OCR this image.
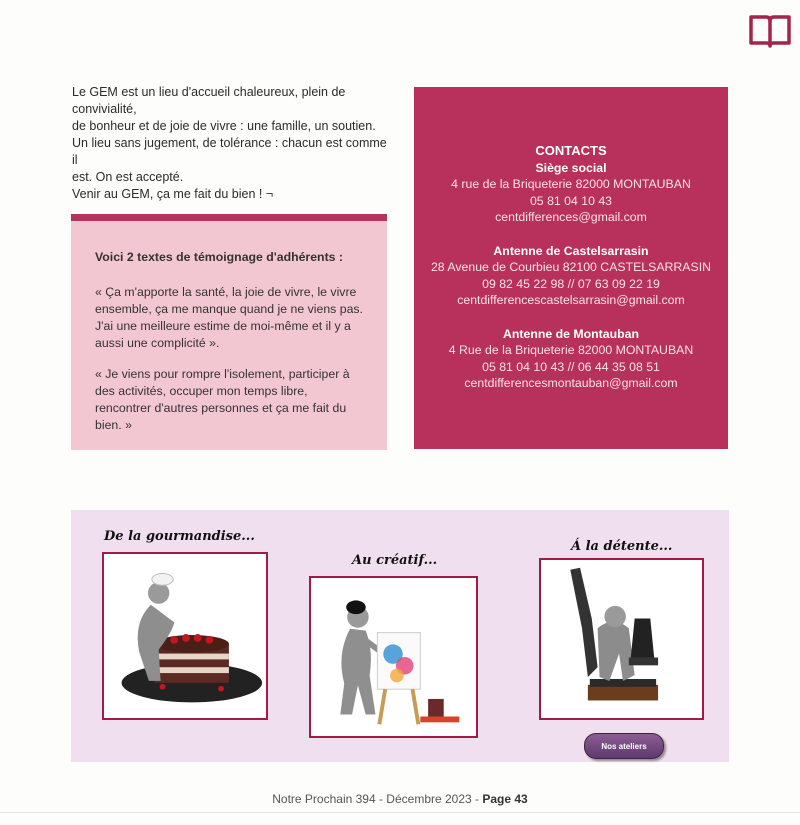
Le GEM est un lieu d'accueil chaleureux, plein de convivialité,

de bonheur et de joie de vivre : une famille, un soutien.

Un lieu sans jugement, de tolérance : chacun est comme il

est. On est accepté.

Venir au GEM, ça me fait du bien ! ¬

Voici 2 textes de témoignage d'adhérents :

« Ça m'apporte la santé, la joie de vivre, le vivre ensemble, ça me manque quand je ne viens pas. J'ai une meilleure estime de moi-même et il y a aussi une complicité ».

« Je viens pour rompre l'isolement, participer à des activités, occuper mon temps libre, rencontrer d'autres personnes et ça me fait du bien. »

CONTACTS
Siège social
4 rue de la Briqueterie 82000 MONTAUBAN
05 81 04 10 43
centdifferences@gmail.com
Antenne de Castelsarrasin
28 Avenue de Courbieu 82100 CASTELSARRASIN
09 82 45 22 98 // 07 63 09 22 19
centdifferencescastelsarrasin@gmail.com
Antenne de Montauban
4 Rue de la Briqueterie 82000 MONTAUBAN
05 81 04 10 43 // 06 44 35 08 51
centdifferencesmontauban@gmail.com
De la gourmandise...
Au créatif...
Á la détente...
Nos ateliers
Notre Prochain 394 - Décembre 2023 - Page 43
